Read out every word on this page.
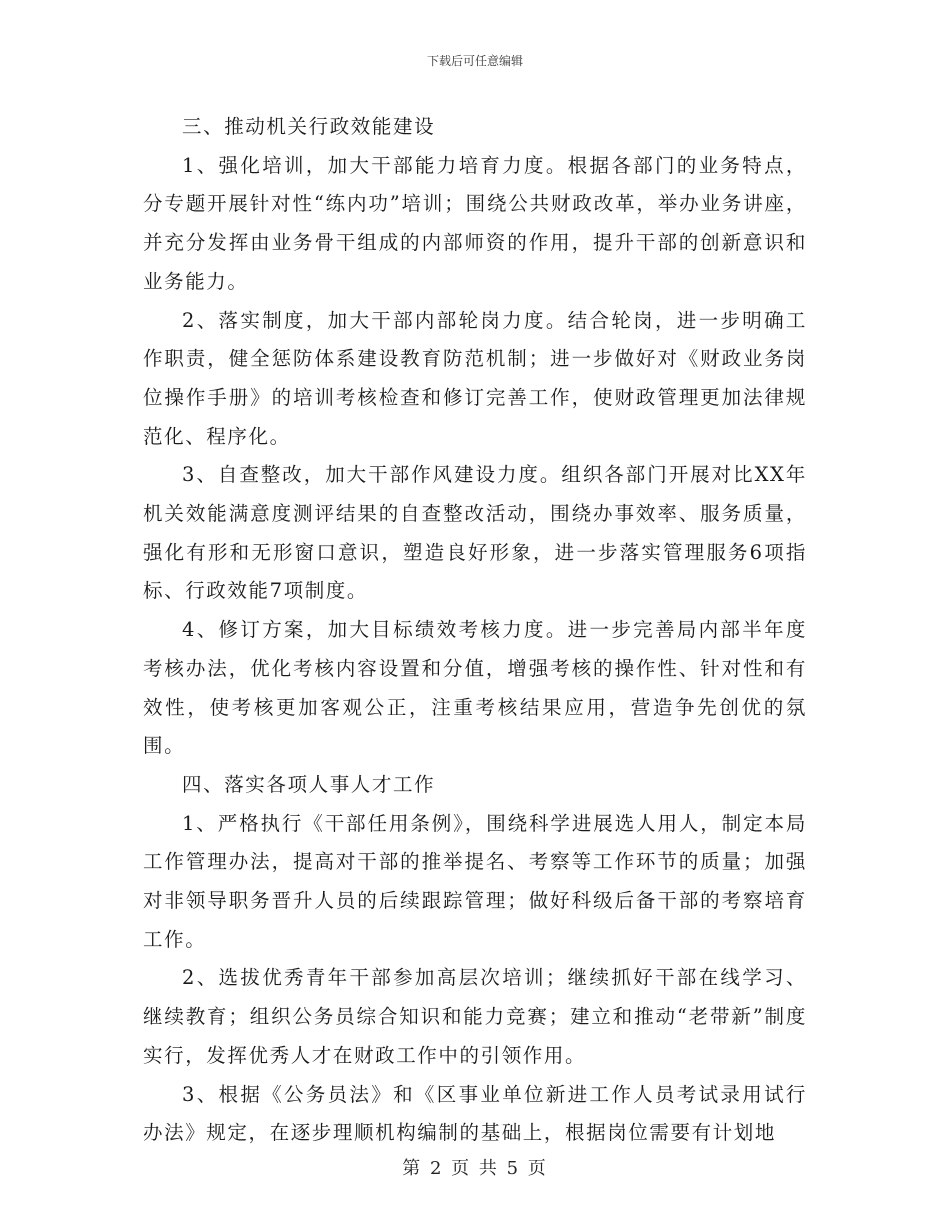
下载后可任意编辑

三、推动机关行政效能建设

1、强化培训，加大干部能力培育力度。根据各部门的业务特点，分专题开展针对性“练内功”培训；围绕公共财政改革，举办业务讲座，并充分发挥由业务骨干组成的内部师资的作用，提升干部的创新意识和业务能力。

2、落实制度，加大干部内部轮岗力度。结合轮岗，进一步明确工作职责，健全惩防体系建设教育防范机制；进一步做好对《财政业务岗位操作手册》的培训考核检查和修订完善工作，使财政管理更加法律规范化、程序化。

3、自查整改，加大干部作风建设力度。组织各部门开展对比XX年机关效能满意度测评结果的自查整改活动，围绕办事效率、服务质量，强化有形和无形窗口意识，塑造良好形象，进一步落实管理服务6项指标、行政效能7项制度。

4、修订方案，加大目标绩效考核力度。进一步完善局内部半年度考核办法，优化考核内容设置和分值，增强考核的操作性、针对性和有效性，使考核更加客观公正，注重考核结果应用，营造争先创优的氛围。

四、落实各项人事人才工作

1、严格执行《干部任用条例》，围绕科学进展选人用人，制定本局工作管理办法，提高对干部的推举提名、考察等工作环节的质量；加强对非领导职务晋升人员的后续跟踪管理；做好科级后备干部的考察培育工作。

2、选拔优秀青年干部参加高层次培训；继续抓好干部在线学习、继续教育；组织公务员综合知识和能力竞赛；建立和推动“老带新”制度实行，发挥优秀人才在财政工作中的引领作用。

3、根据《公务员法》和《区事业单位新进工作人员考试录用试行办法》规定，在逐步理顺机构编制的基础上，根据岗位需要有计划地

第 2 页 共 5 页
